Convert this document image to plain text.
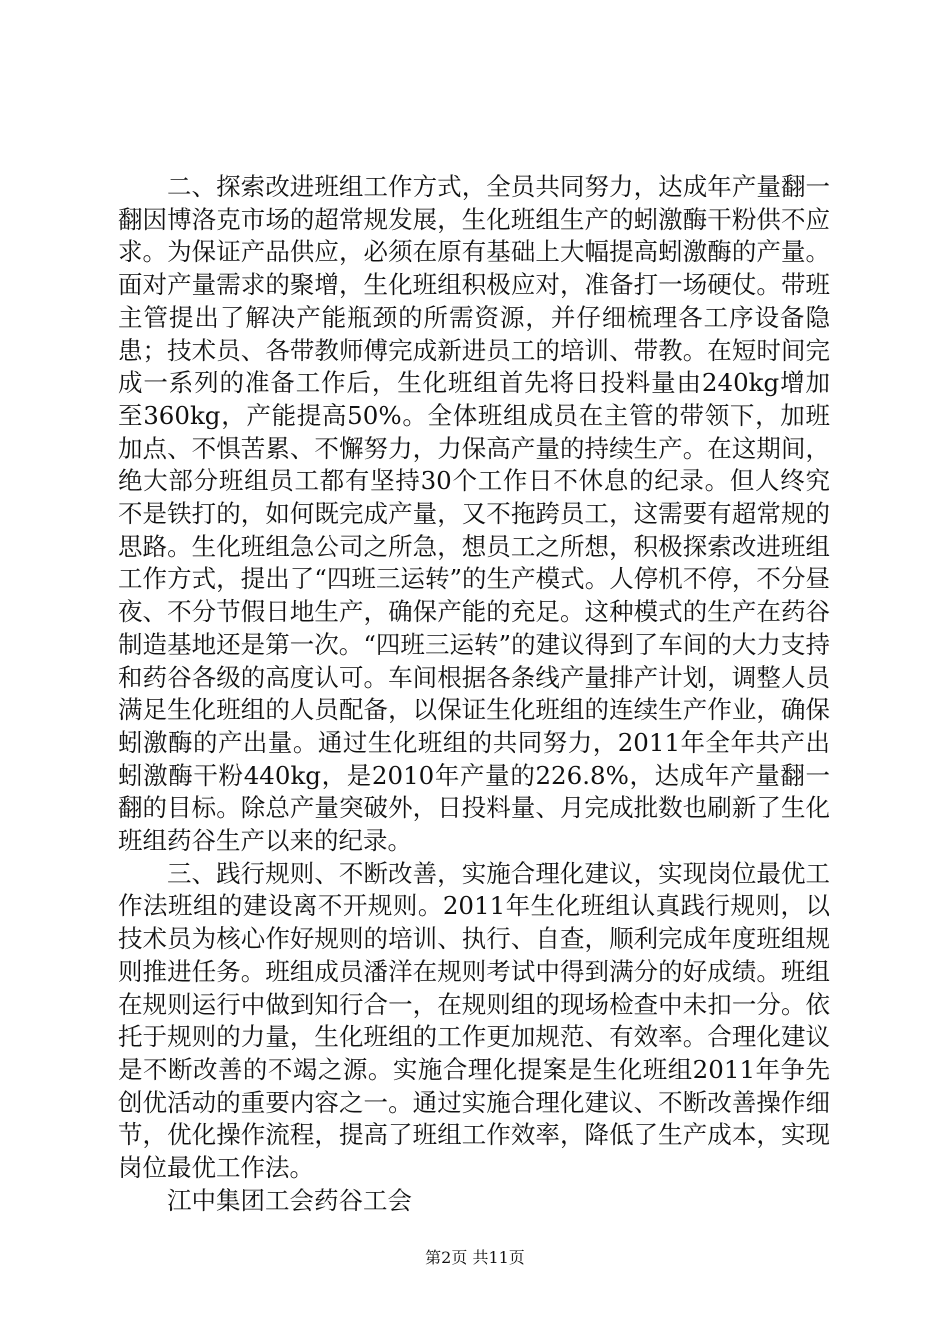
二、探索改进班组工作方式，全员共同努力，达成年产量翻一翻因博洛克市场的超常规发展，生化班组生产的蚓激酶干粉供不应求。为保证产品供应，必须在原有基础上大幅提高蚓激酶的产量。面对产量需求的聚增，生化班组积极应对，准备打一场硬仗。带班主管提出了解决产能瓶颈的所需资源，并仔细梳理各工序设备隐患；技术员、各带教师傅完成新进员工的培训、带教。在短时间完成一系列的准备工作后，生化班组首先将日投料量由240kg增加至360kg，产能提高50%。全体班组成员在主管的带领下，加班加点、不惧苦累、不懈努力，力保高产量的持续生产。在这期间，绝大部分班组员工都有坚持30个工作日不休息的纪录。但人终究不是铁打的，如何既完成产量，又不拖跨员工，这需要有超常规的思路。生化班组急公司之所急，想员工之所想，积极探索改进班组工作方式，提出了“四班三运转”的生产模式。人停机不停，不分昼夜、不分节假日地生产，确保产能的充足。这种模式的生产在药谷制造基地还是第一次。“四班三运转”的建议得到了车间的大力支持和药谷各级的高度认可。车间根据各条线产量排产计划，调整人员满足生化班组的人员配备，以保证生化班组的连续生产作业，确保蚓激酶的产出量。通过生化班组的共同努力，2011年全年共产出蚓激酶干粉440kg，是2010年产量的226.8%，达成年产量翻一翻的目标。除总产量突破外，日投料量、月完成批数也刷新了生化班组药谷生产以来的纪录。

三、践行规则、不断改善，实施合理化建议，实现岗位最优工作法班组的建设离不开规则。2011年生化班组认真践行规则，以技术员为核心作好规则的培训、执行、自查，顺利完成年度班组规则推进任务。班组成员潘洋在规则考试中得到满分的好成绩。班组在规则运行中做到知行合一，在规则组的现场检查中未扣一分。依托于规则的力量，生化班组的工作更加规范、有效率。合理化建议是不断改善的不竭之源。实施合理化提案是生化班组2011年争先创优活动的重要内容之一。通过实施合理化建议、不断改善操作细节，优化操作流程，提高了班组工作效率，降低了生产成本，实现岗位最优工作法。

江中集团工会药谷工会

第2页 共11页
